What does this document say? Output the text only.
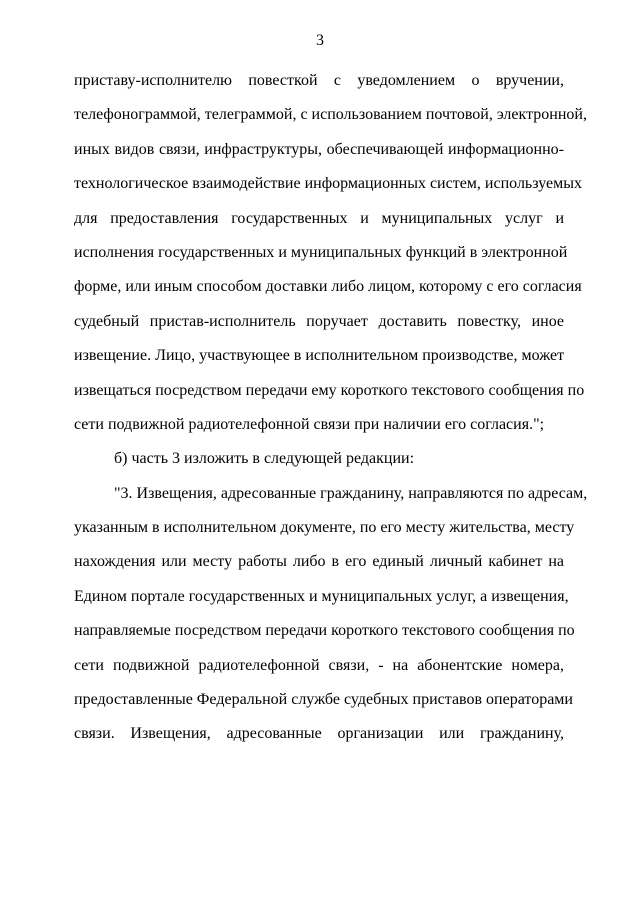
3
приставу-исполнителю повесткой с уведомлением о вручении,
телефонограммой, телеграммой, с использованием почтовой, электронной,
иных видов связи, инфраструктуры, обеспечивающей информационно-
технологическое взаимодействие информационных систем, используемых
для предоставления государственных и муниципальных услуг и
исполнения государственных и муниципальных функций в электронной
форме, или иным способом доставки либо лицом, которому с его согласия
судебный пристав-исполнитель поручает доставить повестку, иное
извещение. Лицо, участвующее в исполнительном производстве, может
извещаться посредством передачи ему короткого текстового сообщения по
сети подвижной радиотелефонной связи при наличии его согласия.";
б) часть 3 изложить в следующей редакции:
"3. Извещения, адресованные гражданину, направляются по адресам,
указанным в исполнительном документе, по его месту жительства, месту
нахождения или месту работы либо в его единый личный кабинет на
Едином портале государственных и муниципальных услуг, а извещения,
направляемые посредством передачи короткого текстового сообщения по
сети подвижной радиотелефонной связи, - на абонентские номера,
предоставленные Федеральной службе судебных приставов операторами
связи. Извещения, адресованные организации или гражданину,
